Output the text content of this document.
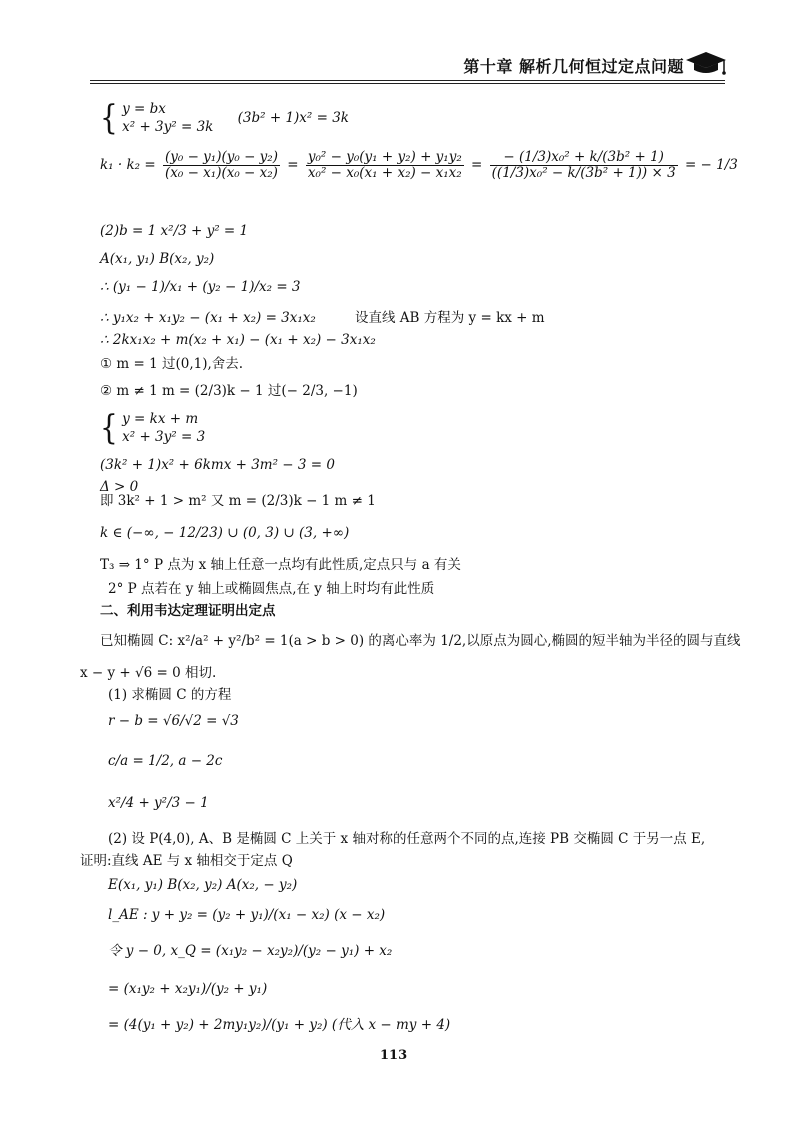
第十章 解析几何恒过定点问题
{ y = bx
x² + 3y² = 3k (3b² + 1)x² = 3k
$k_1 \cdot k_2 = \frac{\text{(y₀ − y₁)(y₀ − y₂)}}{\text{(x₀ − x₁)(x₀ − x₂)}} = \frac{\text{y₀² − y₀(y₁ + y₂) + y₁y₂}}{\text{x₀² − x₀(x₁ + x₂) − x₁x₂}} = \frac{\text{− (1/3)x₀² + k/(3b² + 1)}}{\text{((1/3)x₀² − k/(3b² + 1)) × 3}}$ = − 1/3
(2)b = 1 x²/3 + y² = 1
A(x₁, y₁) B(x₂, y₂)
∴ (y₁ − 1)/x₁ + (y₂ − 1)/x₂ = 3
∴ y₁x₂ + x₁y₂ − (x₁ + x₂) = 3x₁x₂	设直线 AB 方程为 y = kx + m
∴ 2kx₁x₂ + m(x₂ + x₁) − (x₁ + x₂) − 3x₁x₂
① m = 1 过(0,1),舍去.
② m ≠ 1 m = (2/3)k − 1 过(− 2/3, −1)
{ y = kx + m
x² + 3y² = 3
(3k² + 1)x² + 6kmx + 3m² − 3 = 0
Δ > 0
即 3k² + 1 > m² 又 m = (2/3)k − 1 m ≠ 1
k ∈ (−∞, − 12/23) ∪ (0, 3) ∪ (3, +∞)
T₃ ⇒ 1° P 点为 x 轴上任意一点均有此性质,定点只与 a 有关
2° P 点若在 y 轴上或椭圆焦点,在 y 轴上时均有此性质
二、利用韦达定理证明出定点
已知椭圆 C: x²/a² + y²/b² = 1(a > b > 0) 的离心率为 1/2,以原点为圆心,椭圆的短半轴为半径的圆与直线
x − y + √6 = 0 相切.
(1) 求椭圆 C 的方程
r − b = √6/√2 = √3
c/a = 1/2, a − 2c
x²/4 + y²/3 − 1
(2) 设 P(4,0), A、B 是椭圆 C 上关于 x 轴对称的任意两个不同的点,连接 PB 交椭圆 C 于另一点 E,
证明:直线 AE 与 x 轴相交于定点 Q
E(x₁, y₁) B(x₂, y₂) A(x₂, − y₂)
l_AE : y + y₂ = (y₂ + y₁)/(x₁ − x₂) (x − x₂)
令 y − 0, x_Q = (x₁y₂ − x₂y₂)/(y₂ − y₁) + x₂
= (x₁y₂ + x₂y₁)/(y₂ + y₁)
= (4(y₁ + y₂) + 2my₁y₂)/(y₁ + y₂) (代入 x − my + 4)
113
